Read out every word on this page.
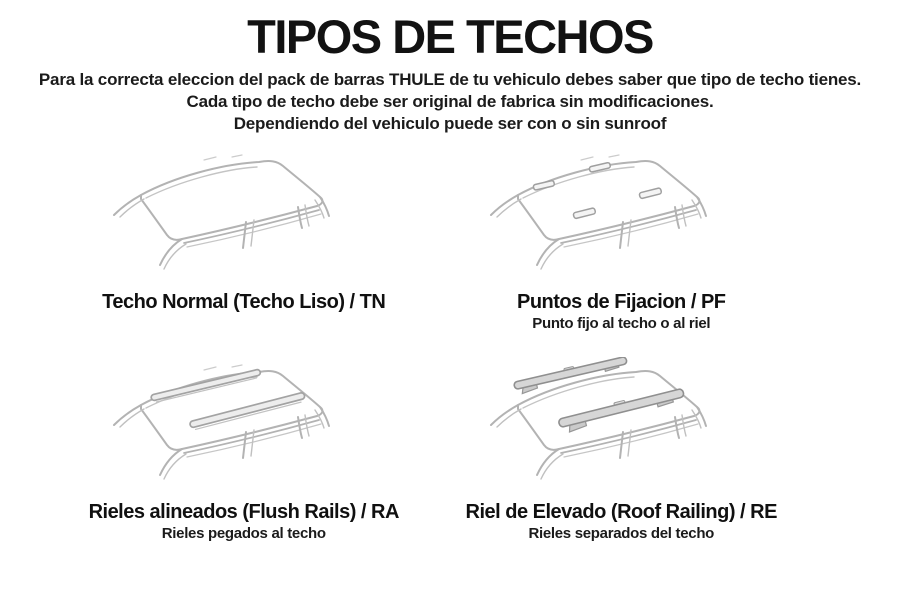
TIPOS DE TECHOS
Para la correcta eleccion del pack de barras THULE de tu vehiculo debes saber que tipo de techo tienes.
Cada tipo de techo debe ser original de fabrica sin modificaciones.
Dependiendo del vehiculo puede ser con o sin sunroof
Techo Normal (Techo Liso) / TN	Puntos de Fijacion / PF
Punto fijo al techo o al riel
Rieles alineados (Flush Rails) / RA
Rieles pegados al techo
Riel de Elevado (Roof Railing) / RE
Rieles separados del techo
